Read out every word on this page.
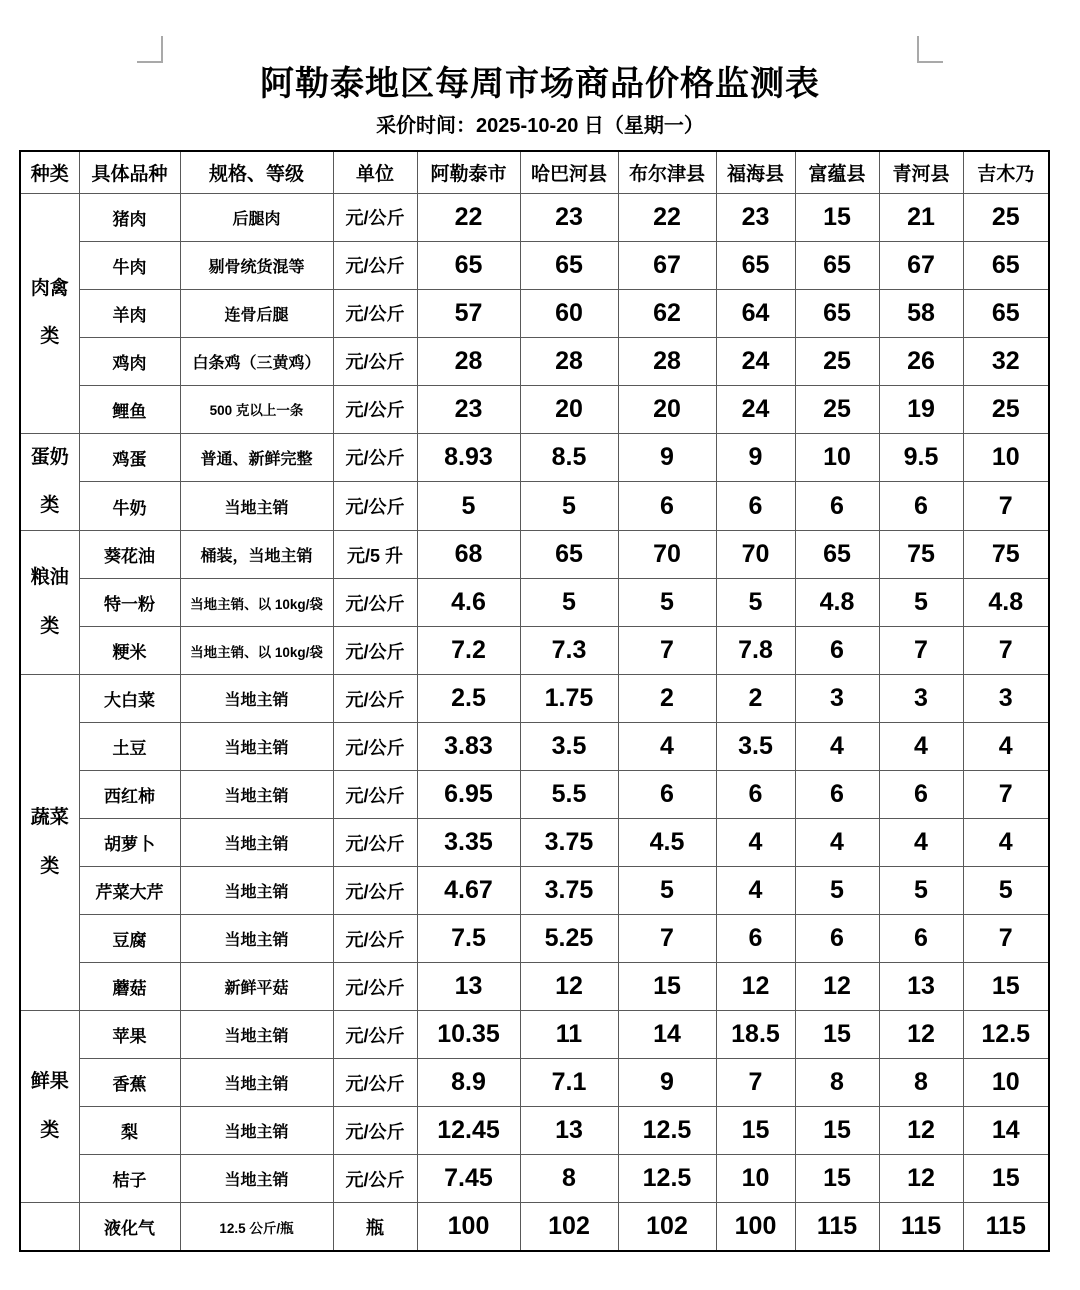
阿勒泰地区每周市场商品价格监测表
采价时间：2025-10-20 日（星期一）
种类	具体品种	规格、等级	单位	阿勒泰市	哈巴河县	布尔津县	福海县	富蕴县	青河县	吉木乃
肉禽类	猪肉	后腿肉	元/公斤	22	23	22	23	15	21	25
	牛肉	剔骨统货混等	元/公斤	65	65	67	65	65	67	65
	羊肉	连骨后腿	元/公斤	57	60	62	64	65	58	65
	鸡肉	白条鸡（三黄鸡）	元/公斤	28	28	28	24	25	26	32
	鲤鱼	500 克以上一条	元/公斤	23	20	20	24	25	19	25
蛋奶类	鸡蛋	普通、新鲜完整	元/公斤	8.93	8.5	9	9	10	9.5	10
	牛奶	当地主销	元/公斤	5	5	6	6	6	6	7
粮油类	葵花油	桶装，当地主销	元/5 升	68	65	70	70	65	75	75
	特一粉	当地主销、以 10kg/袋	元/公斤	4.6	5	5	5	4.8	5	4.8
	粳米	当地主销、以 10kg/袋	元/公斤	7.2	7.3	7	7.8	6	7	7
蔬菜类	大白菜	当地主销	元/公斤	2.5	1.75	2	2	3	3	3
	土豆	当地主销	元/公斤	3.83	3.5	4	3.5	4	4	4
	西红柿	当地主销	元/公斤	6.95	5.5	6	6	6	6	7
	胡萝卜	当地主销	元/公斤	3.35	3.75	4.5	4	4	4	4
	芹菜大芹	当地主销	元/公斤	4.67	3.75	5	4	5	5	5
	豆腐	当地主销	元/公斤	7.5	5.25	7	6	6	6	7
	蘑菇	新鲜平菇	元/公斤	13	12	15	12	12	13	15
鲜果类	苹果	当地主销	元/公斤	10.35	11	14	18.5	15	12	12.5
	香蕉	当地主销	元/公斤	8.9	7.1	9	7	8	8	10
	梨	当地主销	元/公斤	12.45	13	12.5	15	15	12	14
	桔子	当地主销	元/公斤	7.45	8	12.5	10	15	12	15
	液化气	12.5 公斤/瓶	瓶	100	102	102	100	115	115	115
